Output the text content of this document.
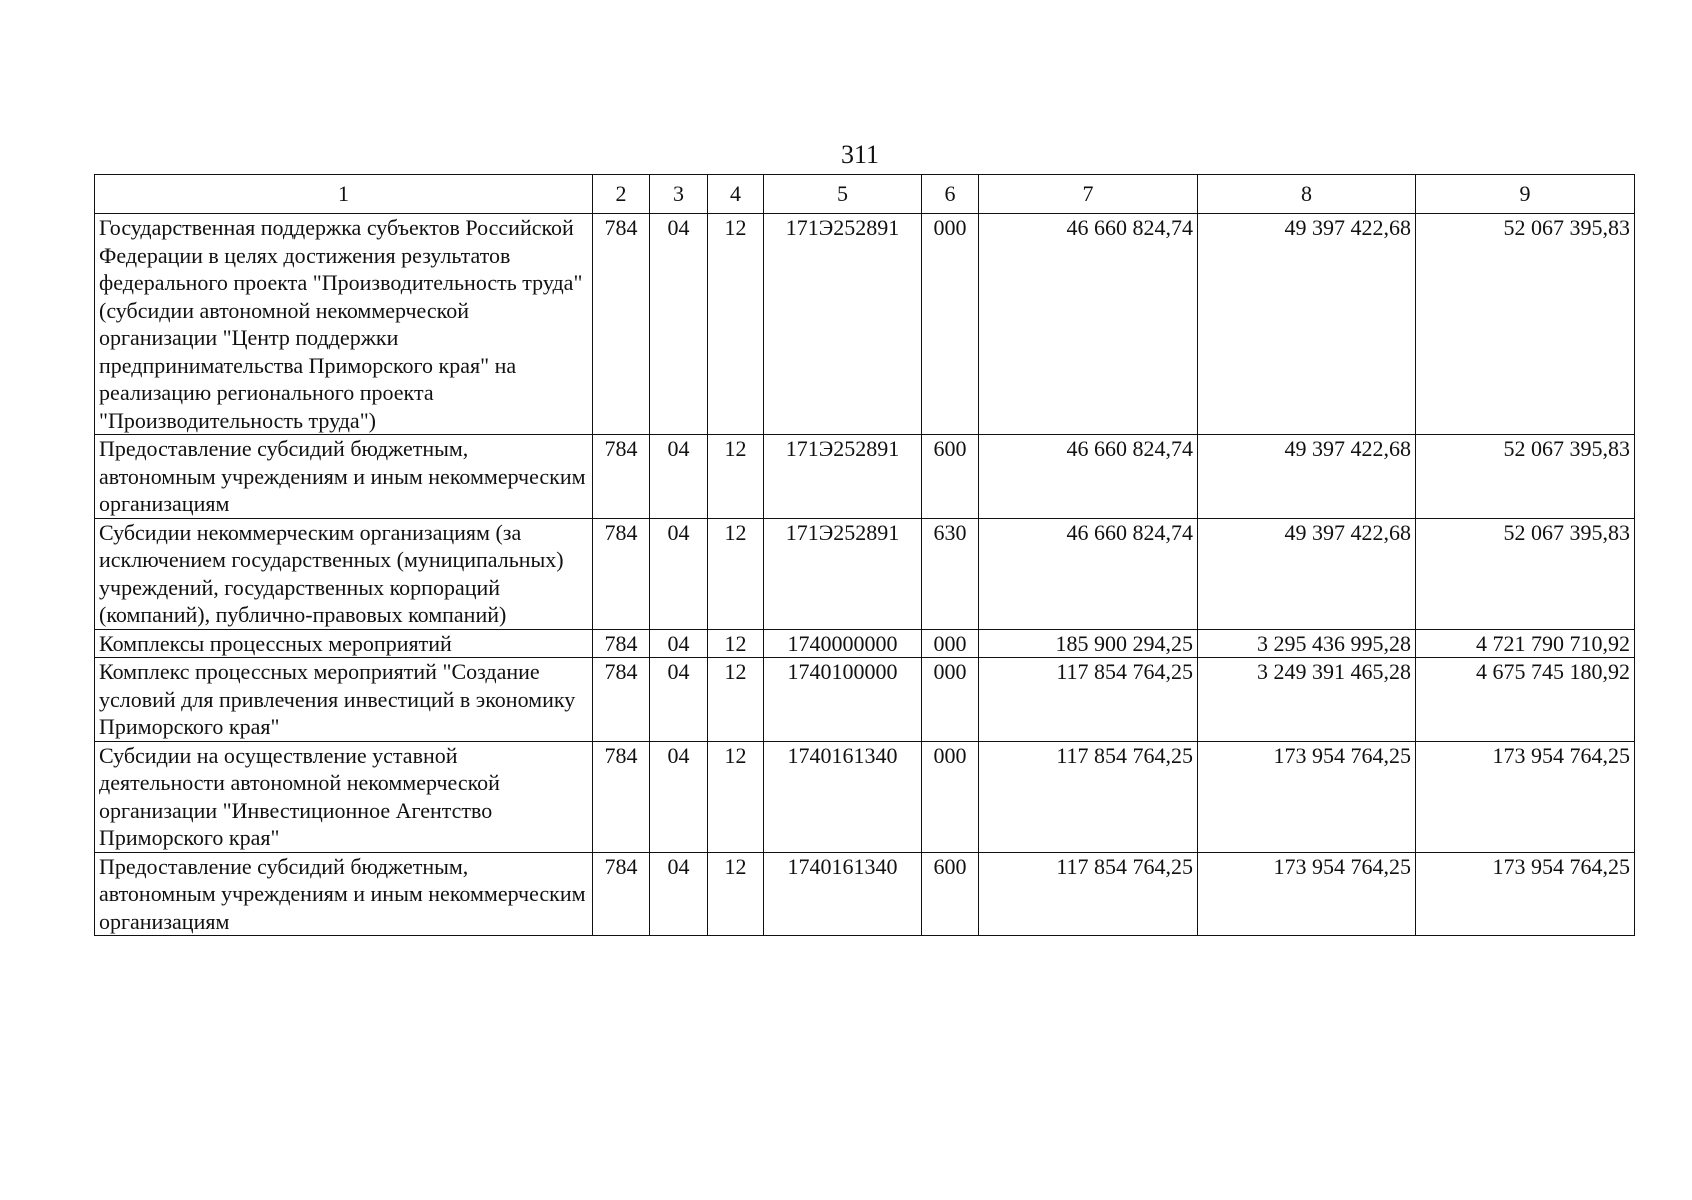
311
1	2	3	4	5	6	7	8	9
Государственная поддержка субъектов Российской Федерации в целях достижения результатов федерального проекта "Производительность труда" (субсидии автономной некоммерческой организации "Центр поддержки предпринимательства Приморского края" на реализацию регионального проекта "Производительность труда")	784	04	12	171Э252891	000	46 660 824,74	49 397 422,68	52 067 395,83
Предоставление субсидий бюджетным, автономным учреждениям и иным некоммерческим организациям	784	04	12	171Э252891	600	46 660 824,74	49 397 422,68	52 067 395,83
Субсидии некоммерческим организациям (за исключением государственных (муниципальных) учреждений, государственных корпораций (компаний), публично-правовых компаний)	784	04	12	171Э252891	630	46 660 824,74	49 397 422,68	52 067 395,83
Комплексы процессных мероприятий	784	04	12	1740000000	000	185 900 294,25	3 295 436 995,28	4 721 790 710,92
Комплекс процессных мероприятий "Создание условий для привлечения инвестиций в экономику Приморского края"	784	04	12	1740100000	000	117 854 764,25	3 249 391 465,28	4 675 745 180,92
Субсидии на осуществление уставной деятельности автономной некоммерческой организации "Инвестиционное Агентство Приморского края"	784	04	12	1740161340	000	117 854 764,25	173 954 764,25	173 954 764,25
Предоставление субсидий бюджетным, автономным учреждениям и иным некоммерческим организациям	784	04	12	1740161340	600	117 854 764,25	173 954 764,25	173 954 764,25
